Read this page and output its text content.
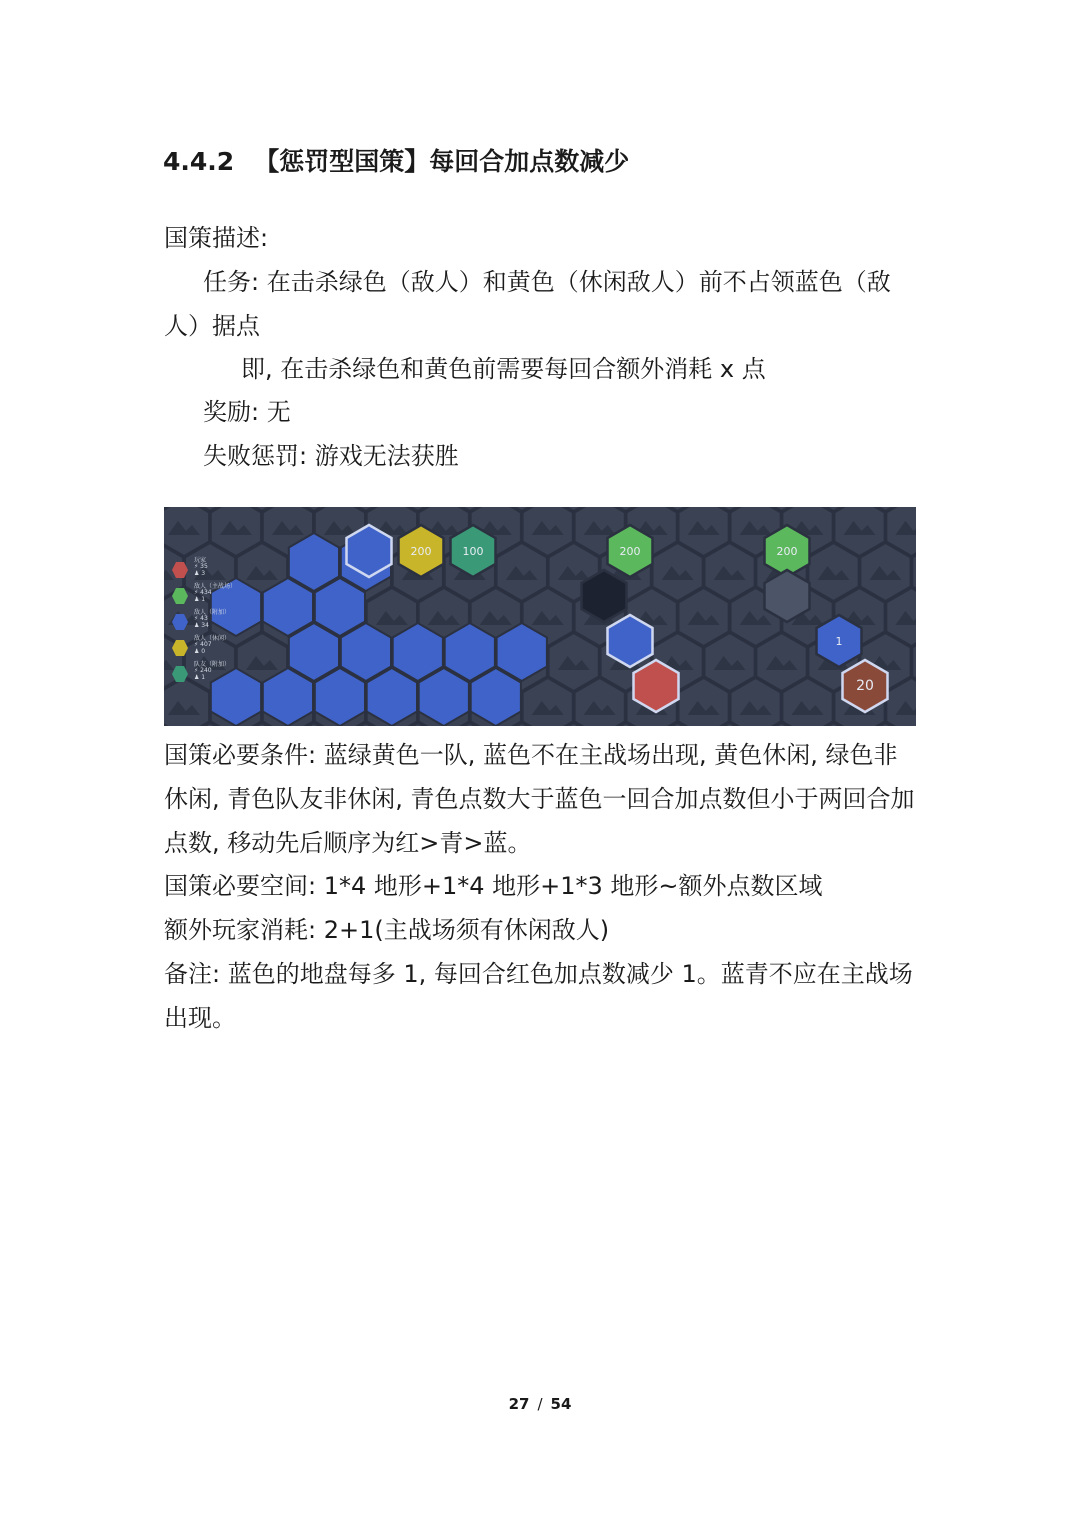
4.4.2 【惩罚型国策】每回合加点数减少
国策描述:
任务: 在击杀绿色（敌人）和黄色（休闲敌人）前不占领蓝色（敌
人）据点
即, 在击杀绿色和黄色前需要每回合额外消耗 x 点
奖励: 无
失败惩罚: 游戏无法获胜
200	100	200	200
1
20
玩家
⚡ 35
♟ 3
敌人（主战场）
⚡ 434
♟ 1
敌人（附加）
⚡ 43
♟ 34
敌人（休闲）
⚡ 407
♟ 0
队友（附加）
⚡ 240
♟ 1
国策必要条件: 蓝绿黄色一队, 蓝色不在主战场出现, 黄色休闲, 绿色非休闲, 青色队友非休闲, 青色点数大于蓝色一回合加点数但小于两回合加点数, 移动先后顺序为红>青>蓝。
国策必要空间: 1*4 地形+1*4 地形+1*3 地形~额外点数区域
额外玩家消耗: 2+1(主战场须有休闲敌人)
备注: 蓝色的地盘每多 1, 每回合红色加点数减少 1。蓝青不应在主战场出现。
27 / 54
